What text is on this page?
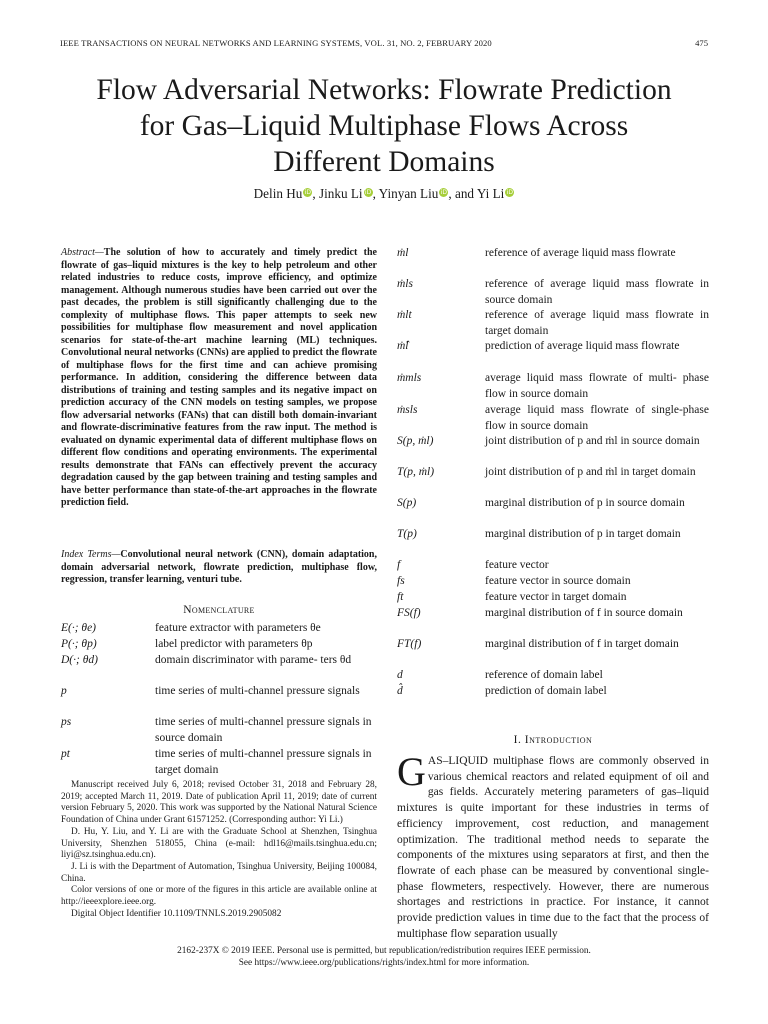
IEEE TRANSACTIONS ON NEURAL NETWORKS AND LEARNING SYSTEMS, VOL. 31, NO. 2, FEBRUARY 2020	475
Flow Adversarial Networks: Flowrate Prediction
for Gas–Liquid Multiphase Flows Across
Different Domains
Delin Hu iD, Jinku Li iD, Yinyan Liu iD, and Yi Li iD
Abstract—The solution of how to accurately and timely predict the flowrate of gas–liquid mixtures is the key to help petroleum and other related industries to reduce costs, improve efficiency, and optimize management. Although numerous studies have been carried out over the past decades, the problem is still significantly challenging due to the complexity of multiphase flows. This paper attempts to seek new possibilities for multiphase flow measurement and novel application scenarios for state-of-the-art machine learning (ML) techniques. Convolutional neural networks (CNNs) are applied to predict the flowrate of multiphase flows for the first time and can achieve promising performance. In addition, considering the difference between data distributions of training and testing samples and its negative impact on prediction accuracy of the CNN models on testing samples, we propose flow adversarial networks (FANs) that can distill both domain-invariant and flowrate-discriminative features from the raw input. The method is evaluated on dynamic experimental data of different multiphase flows on different flow conditions and operating environments. The experimental results demonstrate that FANs can effectively prevent the accuracy degradation caused by the gap between training and testing samples and have better performance than state-of-the-art approaches in the flowrate prediction field.
Index Terms—Convolutional neural network (CNN), domain adaptation, domain adversarial network, flowrate prediction, multiphase flow, regression, transfer learning, venturi tube.
Nomenclature
E(·; θe)	feature extractor with parameters θe
P(·; θp)	label predictor with parameters θp
D(·; θd)	domain discriminator with parame- ters θd
p	time series of multi-channel pressure signals
ps	time series of multi-channel pressure signals in source domain
pt	time series of multi-channel pressure signals in target domain

Manuscript received July 6, 2018; revised October 31, 2018 and February 28, 2019; accepted March 11, 2019. Date of publication April 11, 2019; date of current version February 5, 2020. This work was supported by the National Natural Science Foundation of China under Grant 61571252. (Corresponding author: Yi Li.)

D. Hu, Y. Liu, and Y. Li are with the Graduate School at Shenzhen, Tsinghua University, Shenzhen 518055, China (e-mail: hdl16@mails.tsinghua.edu.cn; liyi@sz.tsinghua.edu.cn).

J. Li is with the Department of Automation, Tsinghua University, Beijing 100084, China.

Color versions of one or more of the figures in this article are available online at http://ieeexplore.ieee.org.

Digital Object Identifier 10.1109/TNNLS.2019.2905082

ṁl	reference of average liquid mass flowrate
ṁls	reference of average liquid mass flowrate in source domain
ṁlt	reference of average liquid mass flowrate in target domain
ṁ̂l	prediction of average liquid mass flowrate
ṁmls	average liquid mass flowrate of multi- phase flow in source domain
ṁsls	average liquid mass flowrate of single-phase flow in source domain
S(p, ṁl)	joint distribution of p and ṁl in source domain
T(p, ṁl)	joint distribution of p and ṁl in target domain
S(p)	marginal distribution of p in source domain
T(p)	marginal distribution of p in target domain
f	feature vector
fs	feature vector in source domain
ft	feature vector in target domain
FS(f)	marginal distribution of f in source domain
FT(f)	marginal distribution of f in target domain
d	reference of domain label
d̂	prediction of domain label
I. Introduction
GAS–LIQUID multiphase flows are commonly observed in various chemical reactors and related equipment of oil and gas fields. Accurately metering parameters of gas–liquid mixtures is quite important for these industries in terms of efficiency improvement, cost reduction, and management optimization. The traditional method needs to separate the components of the mixtures using separators at first, and then the flowrate of each phase can be measured by conventional single-phase flowmeters, respectively. However, there are numerous shortages and restrictions in practice. For instance, it cannot provide prediction values in time due to the fact that the process of multiphase flow separation usually
2162-237X © 2019 IEEE. Personal use is permitted, but republication/redistribution requires IEEE permission.
See https://www.ieee.org/publications/rights/index.html for more information.
